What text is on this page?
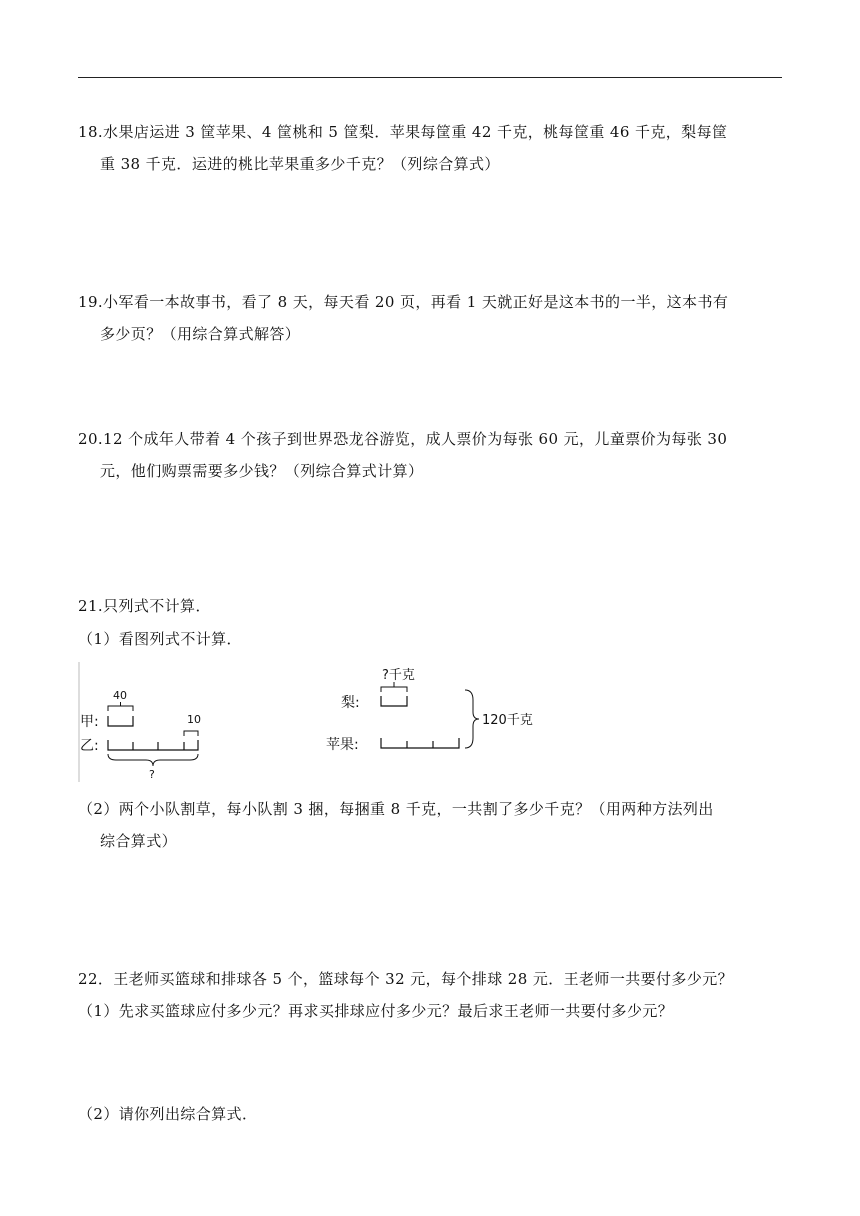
18.水果店运进 3 筐苹果、4 筐桃和 5 筐梨．苹果每筐重 42 千克，桃每筐重 46 千克，梨每筐
重 38 千克．运进的桃比苹果重多少千克？（列综合算式）
19.小军看一本故事书，看了 8 天，每天看 20 页，再看 1 天就正好是这本书的一半，这本书有
多少页？（用综合算式解答）
20.12 个成年人带着 4 个孩子到世界恐龙谷游览，成人票价为每张 60 元，儿童票价为每张 30
元，他们购票需要多少钱？（列综合算式计算）
21.只列式不计算．
（1）看图列式不计算．
40
甲:	10
乙:
?
?千克
梨:
苹果:
120千克
（2）两个小队割草，每小队割 3 捆，每捆重 8 千克，一共割了多少千克？（用两种方法列出
综合算式）
22．王老师买篮球和排球各 5 个，篮球每个 32 元，每个排球 28 元．王老师一共要付多少元？
（1）先求买篮球应付多少元？再求买排球应付多少元？最后求王老师一共要付多少元？
（2）请你列出综合算式．
